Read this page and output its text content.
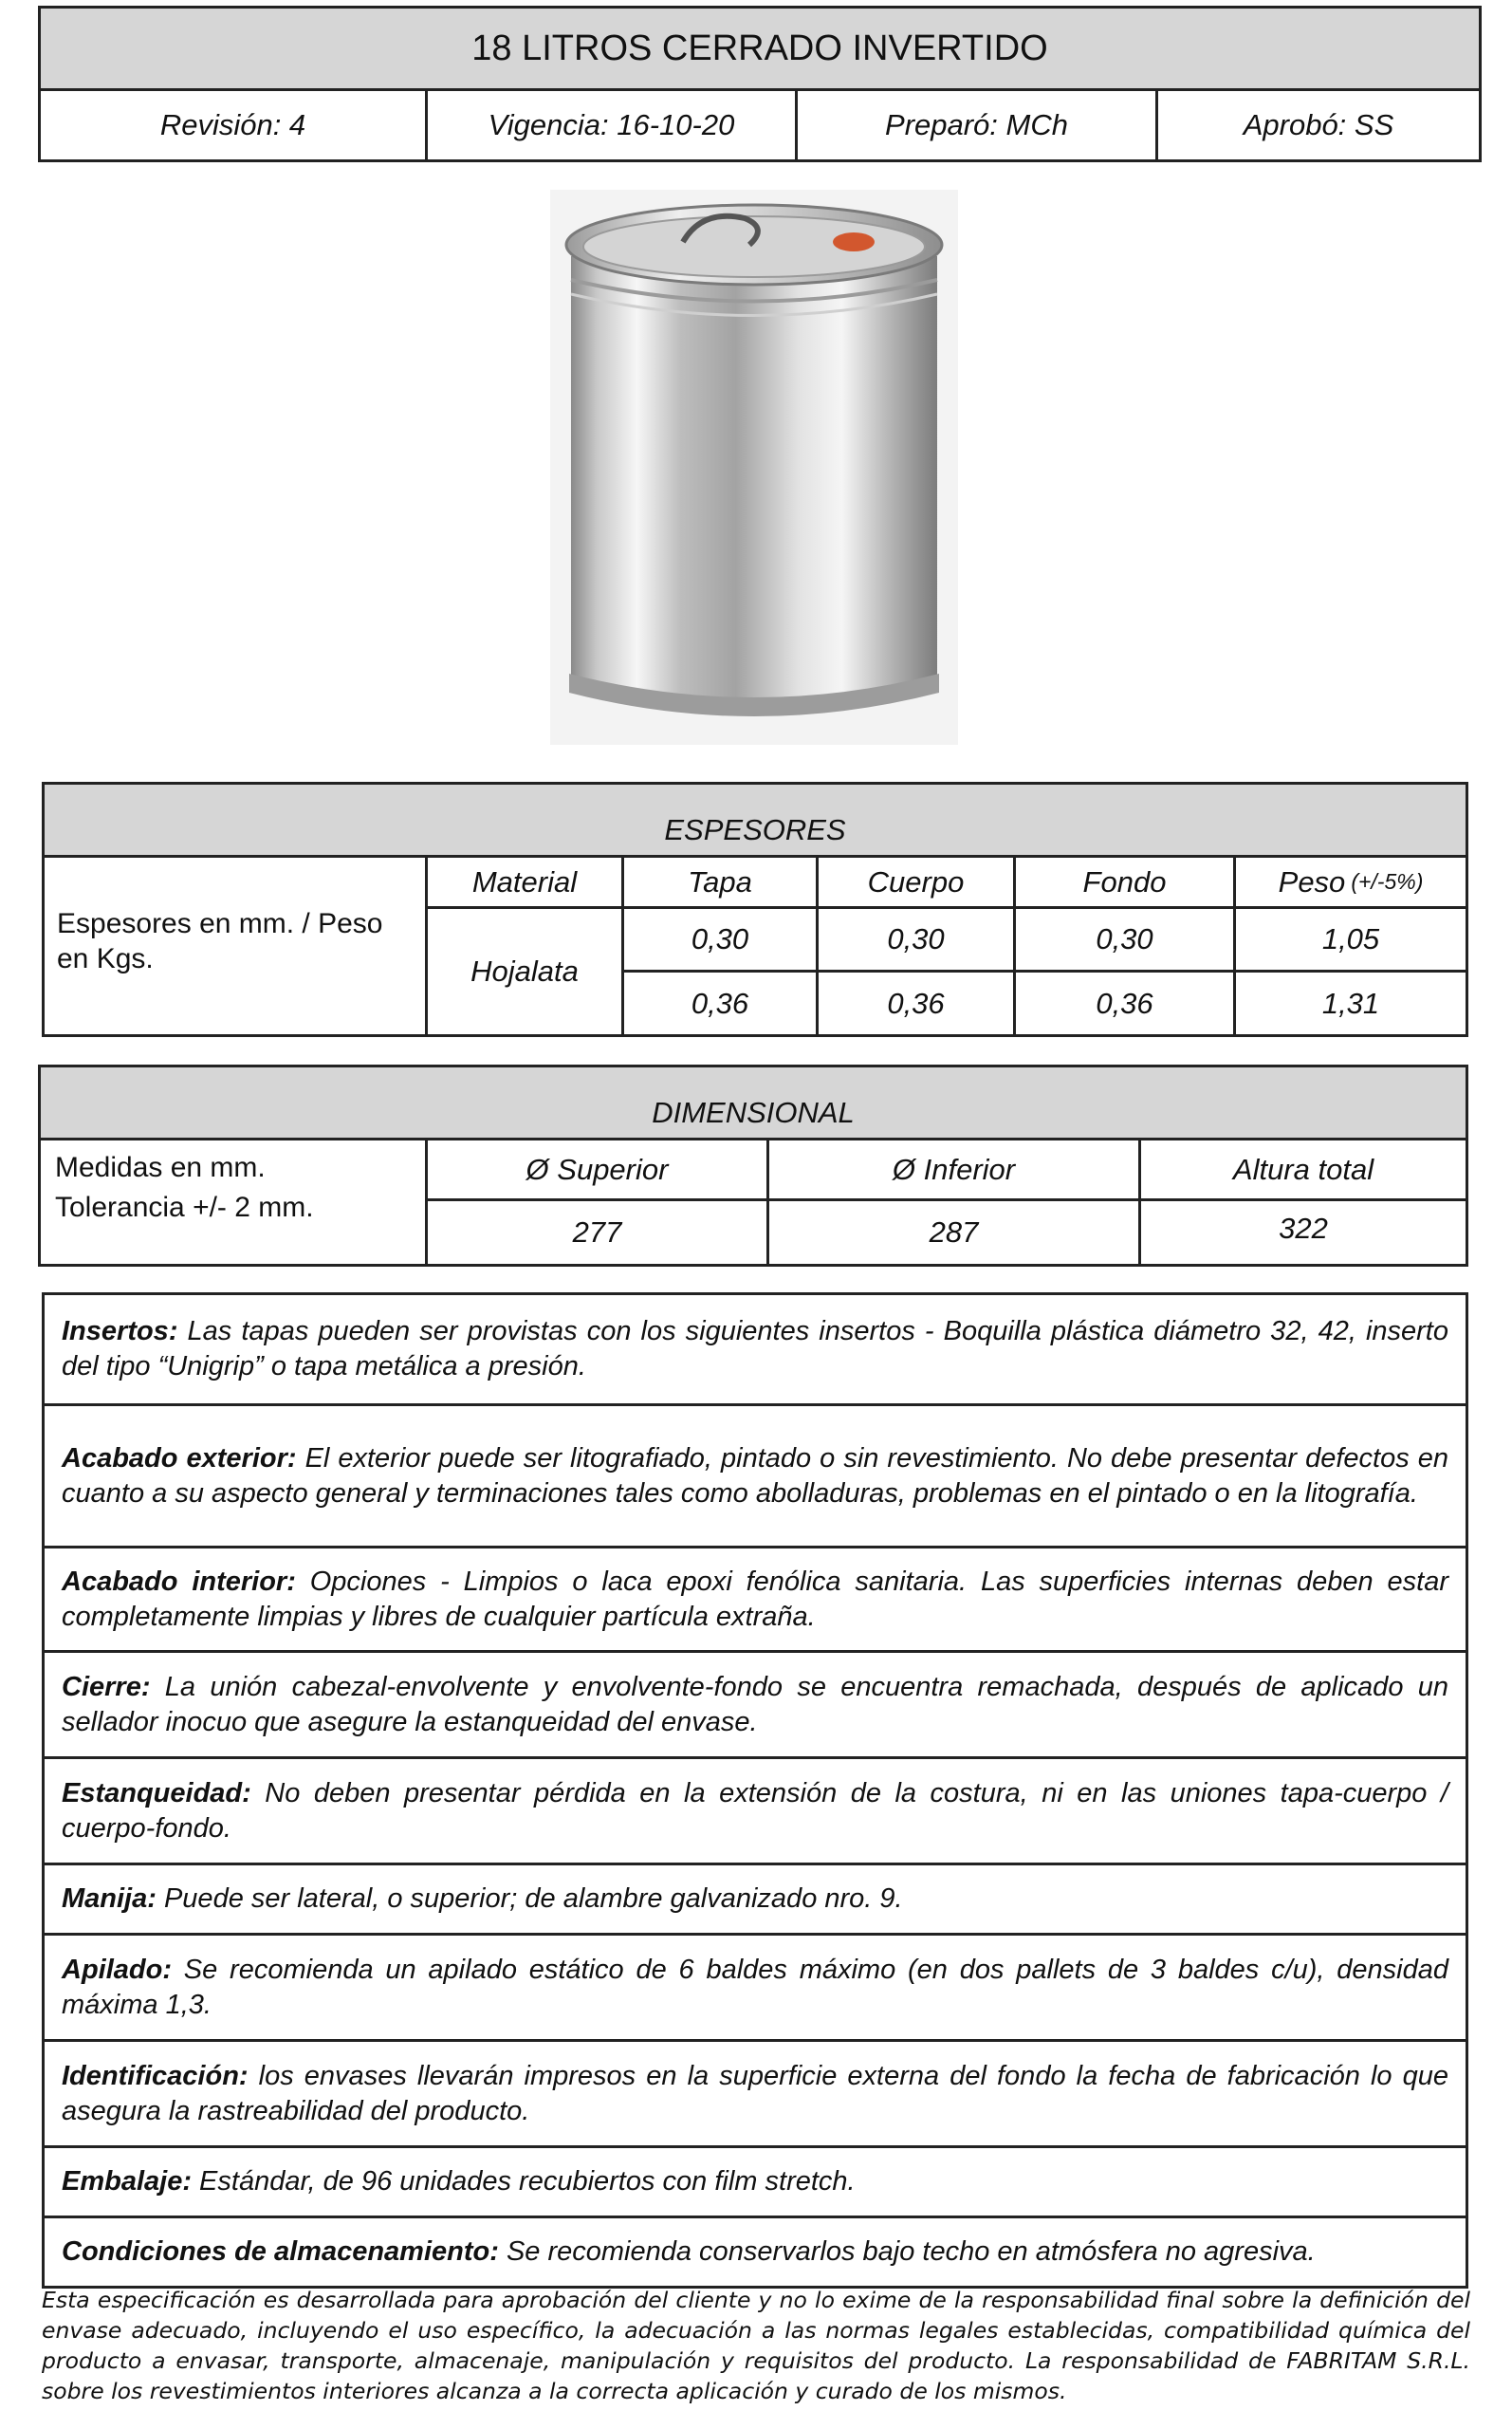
18 LITROS CERRADO INVERTIDO
Revisión: 4	Vigencia: 16-10-20	Preparó: MCh	Aprobó: SS
ESPESORES
Espesores en mm. / Peso en Kgs.
Material	Tapa	Cuerpo	Fondo	Peso (+/-5%)
Hojalata
0,30	0,30	0,30	1,05
0,36	0,36	0,36	1,31
DIMENSIONAL
Medidas en mm.
Tolerancia +/- 2 mm.
Ø Superior	Ø Inferior	Altura total
277	287	322

Insertos: Las tapas pueden ser provistas con los siguientes insertos - Boquilla plástica diámetro 32, 42, inserto del tipo “Unigrip” o tapa metálica a presión.

Acabado exterior: El exterior puede ser litografiado, pintado o sin revestimiento. No debe presentar defectos en cuanto a su aspecto general y terminaciones tales como abolladuras, problemas en el pintado o en la litografía.

Acabado interior: Opciones - Limpios o laca epoxi fenólica sanitaria. Las superficies internas deben estar completamente limpias y libres de cualquier partícula extraña.

Cierre: La unión cabezal-envolvente y envolvente-fondo se encuentra remachada, después de aplicado un sellador inocuo que asegure la estanqueidad del envase.

Estanqueidad: No deben presentar pérdida en la extensión de la costura, ni en las uniones tapa-cuerpo / cuerpo-fondo.

Manija: Puede ser lateral, o superior; de alambre galvanizado nro. 9.

Apilado: Se recomienda un apilado estático de 6 baldes máximo (en dos pallets de 3 baldes c/u), densidad máxima 1,3.

Identificación: los envases llevarán impresos en la superficie externa del fondo la fecha de fabricación lo que asegura la rastreabilidad del producto.

Embalaje: Estándar, de 96 unidades recubiertos con film stretch.

Condiciones de almacenamiento: Se recomienda conservarlos bajo techo en atmósfera no agresiva.

Esta especificación es desarrollada para aprobación del cliente y no lo exime de la responsabilidad final sobre la definición del envase adecuado, incluyendo el uso específico, la adecuación a las normas legales establecidas, compatibilidad química del producto a envasar, transporte, almacenaje, manipulación y requisitos del producto. La responsabilidad de FABRITAM S.R.L. sobre los revestimientos interiores alcanza a la correcta aplicación y curado de los mismos.
